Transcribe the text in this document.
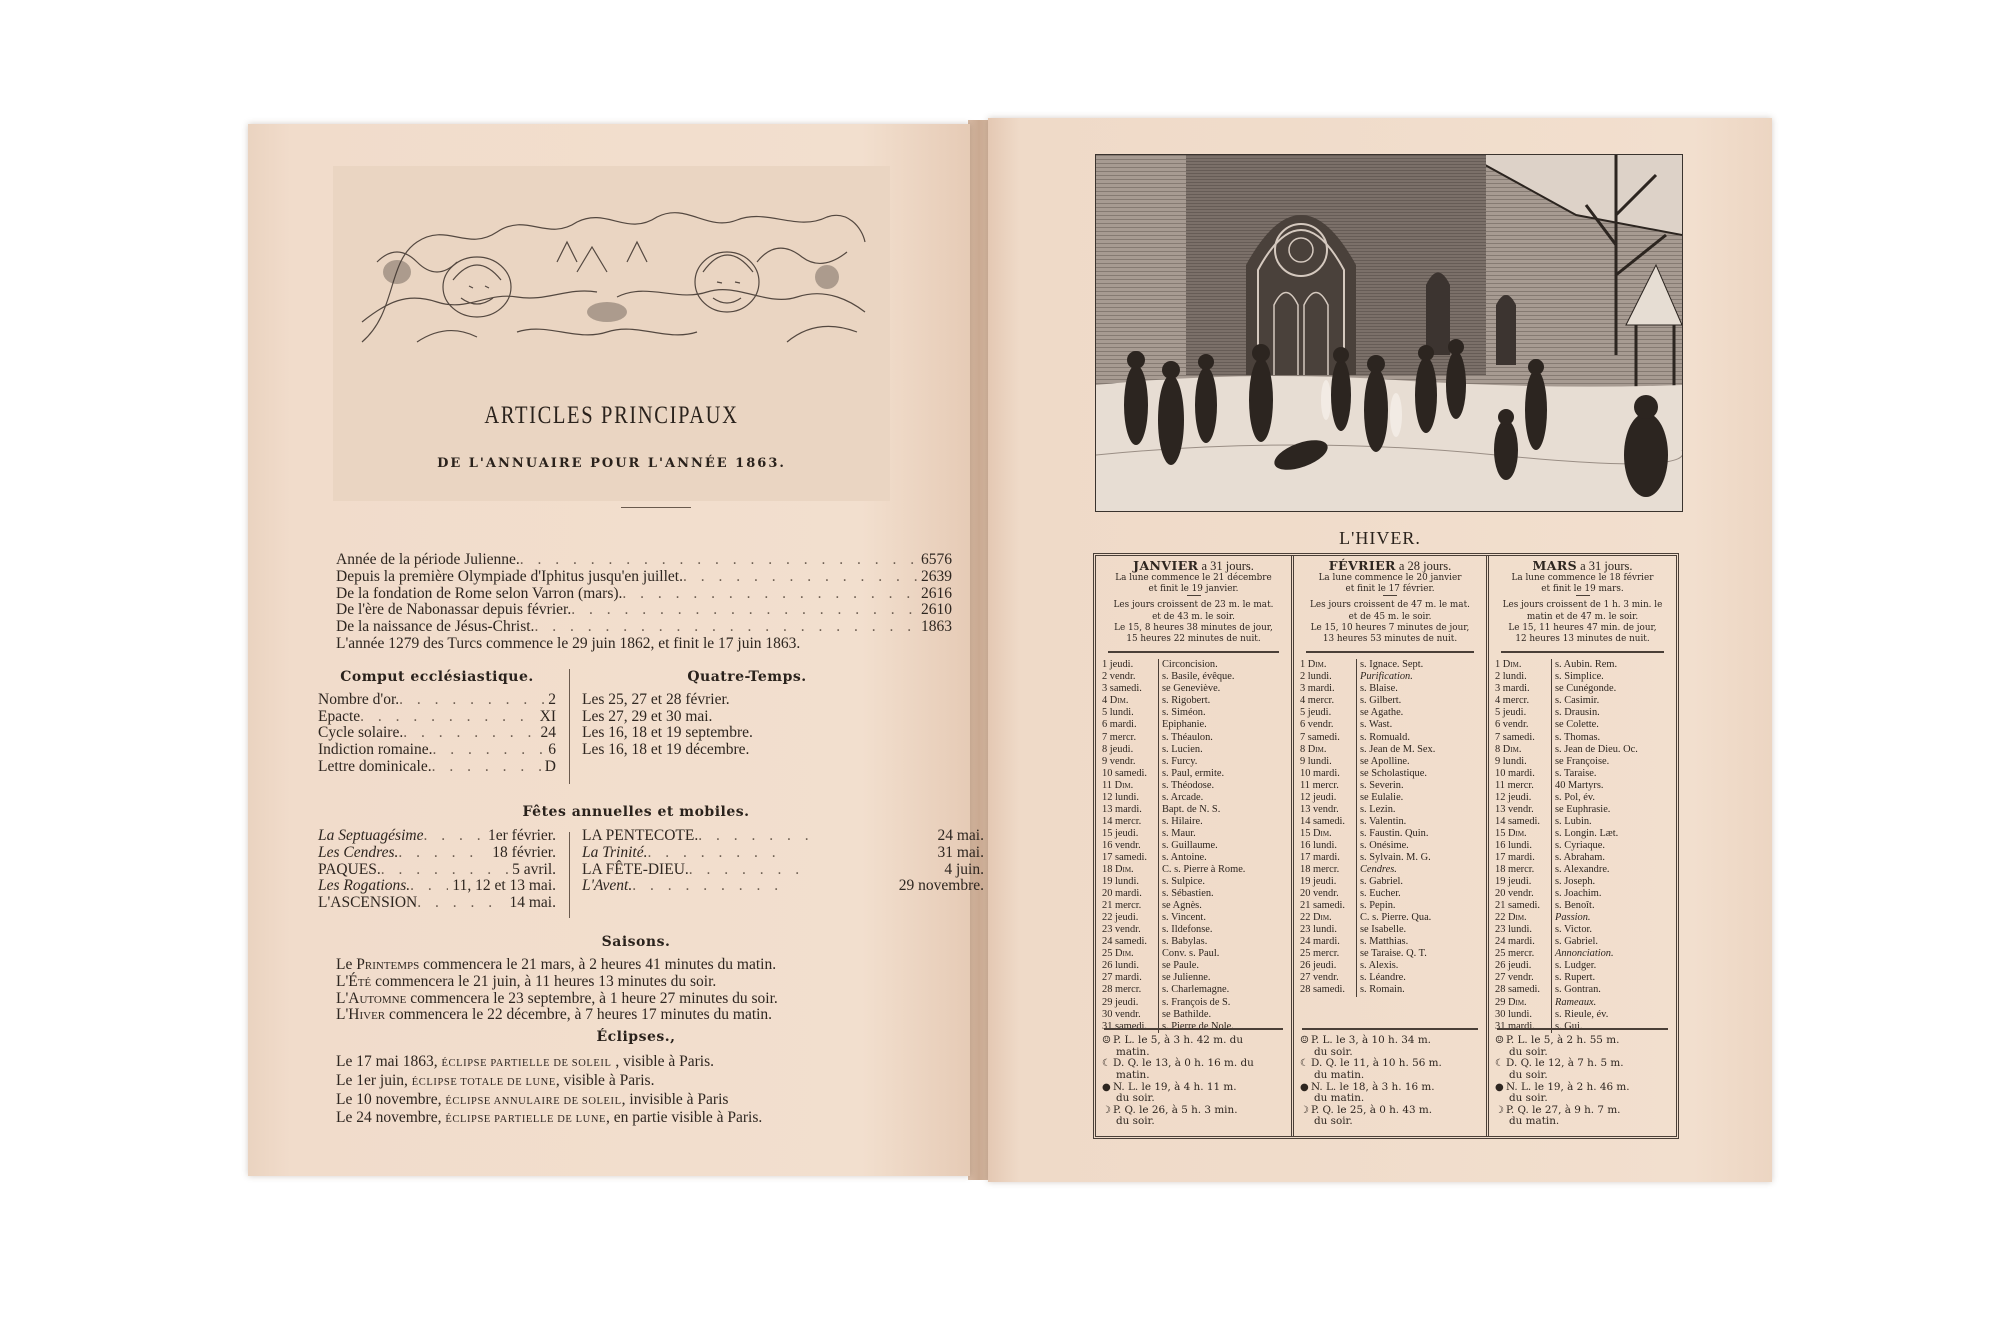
ARTICLES PRINCIPAUX
DE L'ANNUAIRE POUR L'ANNÉE 1863.
Année de la période Julienne. . . .	6576
Depuis la première Olympiade d'Iphitus jusqu'en juillet. . . .	2639
De la fondation de Rome selon Varron (mars). . . .	2616
De l'ère de Nabonassar depuis février. . . .	2610
De la naissance de Jésus-Christ. . . .	1863
L'année 1279 des Turcs commence le 29 juin 1862, et finit le 17 juin 1863.
Comput ecclésiastique.
Nombre d'or. . . .	2
Epacte . . .	XI
Cycle solaire. . . .	24
Indiction romaine. . . .	6
Lettre dominicale. . . .	D
Quatre-Temps.
Les 25, 27 et 28 février.
Les 27, 29 et 30 mai.
Les 16, 18 et 19 septembre.
Les 16, 18 et 19 décembre.
Fêtes annuelles et mobiles.
La Septuagésime . . .	1er février.
Les Cendres. . . .	18 février.
PAQUES. . . .	5 avril.
Les Rogations. . . .	11, 12 et 13 mai.
L'ASCENSION . . .	14 mai.
LA PENTECOTE. . . .	24 mai.
La Trinité. . . .	31 mai.
LA FÊTE-DIEU. . . .	4 juin.
L'Avent. . . .	29 novembre.
Saisons.
Le Printemps commencera le 21 mars, à 2 heures 41 minutes du matin.
L'Été commencera le 21 juin, à 11 heures 13 minutes du soir.
L'Automne commencera le 23 septembre, à 1 heure 27 minutes du soir.
L'Hiver commencera le 22 décembre, à 7 heures 17 minutes du matin.
Éclipses.,
Le 17 mai 1863, ÉCLIPSE PARTIELLE DE SOLEIL , visible à Paris.
Le 1er juin, ÉCLIPSE TOTALE DE LUNE, visible à Paris.
Le 10 novembre, ÉCLIPSE ANNULAIRE DE SOLEIL, invisible à Paris
Le 24 novembre, ÉCLIPSE PARTIELLE DE LUNE, en partie visible à Paris.
L'HIVER.
JANVIER a 31 jours.
La lune commence le 21 décembre
et finit le 19 janvier.
Les jours croissent de 23 m. le mat.
et de 43 m. le soir.
Le 15, 8 heures 38 minutes de jour,
15 heures 22 minutes de nuit.
1 jeudi.	Circoncision.
2 vendr.	s. Basile, évêque.
3 samedi.	se Geneviève.
4 Dim.	s. Rigobert.
5 lundi.	s. Siméon.
6 mardi.	Epiphanie.
7 mercr.	s. Théaulon.
8 jeudi.	s. Lucien.
9 vendr.	s. Furcy.
10 samedi.	s. Paul, ermite.
11 Dim.	s. Théodose.
12 lundi.	s. Arcade.
13 mardi.	Bapt. de N. S.
14 mercr.	s. Hilaire.
15 jeudi.	s. Maur.
16 vendr.	s. Guillaume.
17 samedi.	s. Antoine.
18 Dim.	C. s. Pierre à Rome.
19 lundi.	s. Sulpice.
20 mardi.	s. Sébastien.
21 mercr.	se Agnès.
22 jeudi.	s. Vincent.
23 vendr.	s. Ildefonse.
24 samedi.	s. Babylas.
25 Dim.	Conv. s. Paul.
26 lundi.	se Paule.
27 mardi.	se Julienne.
28 mercr.	s. Charlemagne.
29 jeudi.	s. François de S.
30 vendr.	se Bathilde.
31 samedi.	s. Pierre de Nole.
☺ P. L. le 5, à 3 h. 42 m. du
matin.
☾ D. Q. le 13, à 0 h. 16 m. du
matin.
● N. L. le 19, à 4 h. 11 m.
du soir.
☽ P. Q. le 26, à 5 h. 3 min.
du soir.
FÉVRIER a 28 jours.
La lune commence le 20 janvier
et finit le 17 février.
Les jours croissent de 47 m. le mat.
et de 45 m. le soir.
Le 15, 10 heures 7 minutes de jour,
13 heures 53 minutes de nuit.
1 Dim.	s. Ignace. Sept.
2 lundi.	Purification.
3 mardi.	s. Blaise.
4 mercr.	s. Gilbert.
5 jeudi.	se Agathe.
6 vendr.	s. Wast.
7 samedi.	s. Romuald.
8 Dim.	s. Jean de M. Sex.
9 lundi.	se Apolline.
10 mardi.	se Scholastique.
11 mercr.	s. Severin.
12 jeudi.	se Eulalie.
13 vendr.	s. Lezin.
14 samedi.	s. Valentin.
15 Dim.	s. Faustin. Quin.
16 lundi.	s. Onésime.
17 mardi.	s. Sylvain. M. G.
18 mercr.	Cendres.
19 jeudi.	s. Gabriel.
20 vendr.	s. Eucher.
21 samedi.	s. Pepin.
22 Dim.	C. s. Pierre. Qua.
23 lundi.	se Isabelle.
24 mardi.	s. Matthias.
25 mercr.	se Taraise. Q. T.
26 jeudi.	s. Alexis.
27 vendr.	s. Léandre.
28 samedi.	s. Romain.
☺ P. L. le 3, à 10 h. 34 m.
du soir.
☾ D. Q. le 11, à 10 h. 56 m.
du matin.
● N. L. le 18, à 3 h. 16 m.
du matin.
☽ P. Q. le 25, à 0 h. 43 m.
du soir.
MARS a 31 jours.
La lune commence le 18 février
et finit le 19 mars.
Les jours croissent de 1 h. 3 min. le
matin et de 47 m. le soir.
Le 15, 11 heures 47 min. de jour,
12 heures 13 minutes de nuit.
1 Dim.	s. Aubin. Rem.
2 lundi.	s. Simplice.
3 mardi.	se Cunégonde.
4 mercr.	s. Casimir.
5 jeudi.	s. Drausin.
6 vendr.	se Colette.
7 samedi.	s. Thomas.
8 Dim.	s. Jean de Dieu. Oc.
9 lundi.	se Françoise.
10 mardi.	s. Taraise.
11 mercr.	40 Martyrs.
12 jeudi.	s. Pol, év.
13 vendr.	se Euphrasie.
14 samedi.	s. Lubin.
15 Dim.	s. Longin. Læt.
16 lundi.	s. Cyriaque.
17 mardi.	s. Abraham.
18 mercr.	s. Alexandre.
19 jeudi.	s. Joseph.
20 vendr.	s. Joachim.
21 samedi.	s. Benoît.
22 Dim.	Passion.
23 lundi.	s. Victor.
24 mardi.	s. Gabriel.
25 mercr.	Annonciation.
26 jeudi.	s. Ludger.
27 vendr.	s. Rupert.
28 samedi.	s. Gontran.
29 Dim.	Rameaux.
30 lundi.	s. Rieule, év.
31 mardi.	s. Gui.
☺ P. L. le 5, à 2 h. 55 m.
du soir.
☾ D. Q. le 12, à 7 h. 5 m.
du soir.
● N. L. le 19, à 2 h. 46 m.
du soir.
☽ P. Q. le 27, à 9 h. 7 m.
du matin.
